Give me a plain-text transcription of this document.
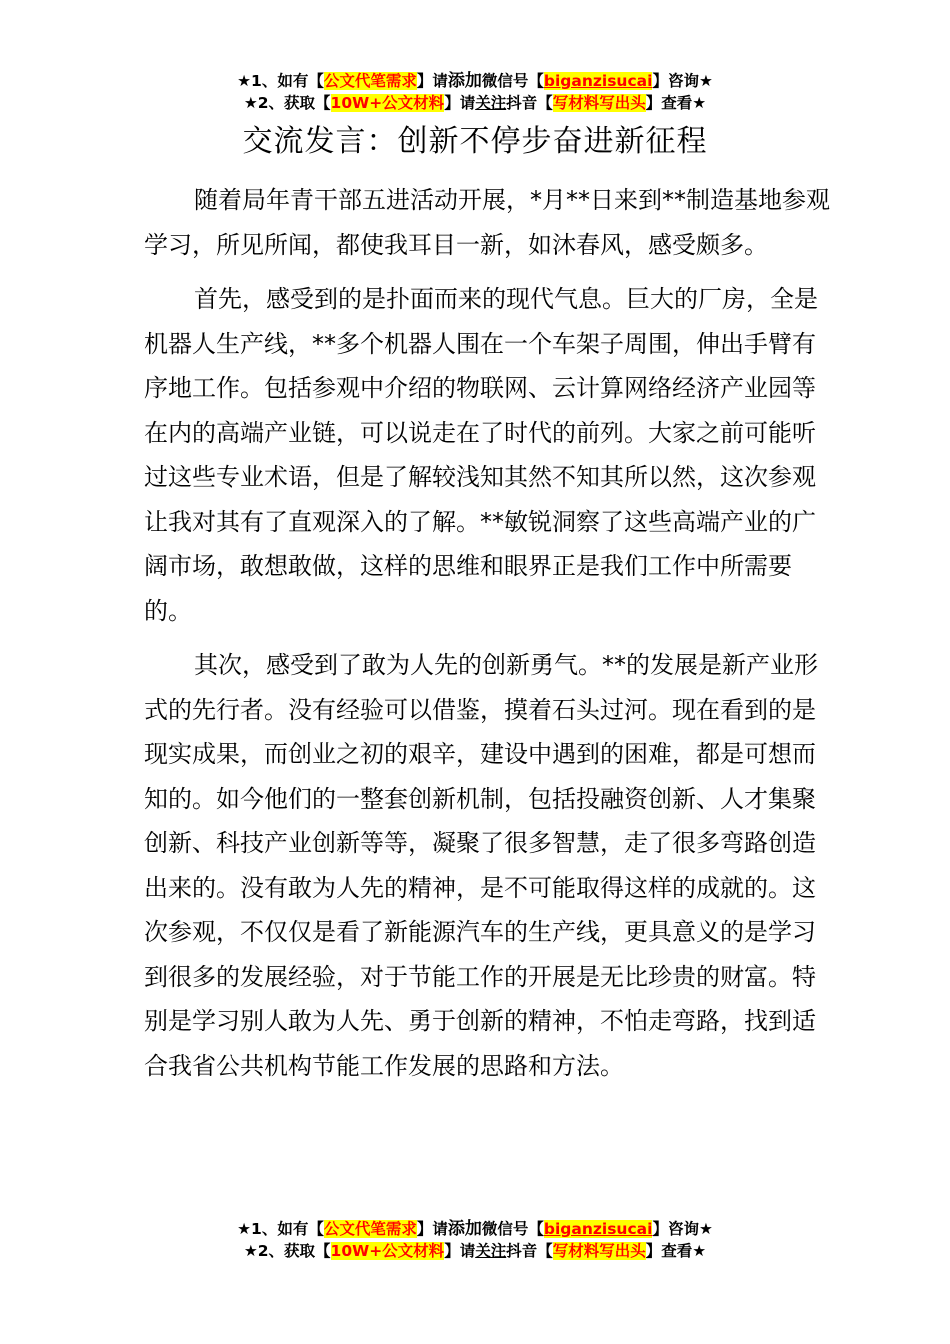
★1、如有【公文代笔需求】请添加微信号【biganzisucai】咨询★
★2、获取【10W+公文材料】请关注抖音【写材料写出头】查看★
交流发言：创新不停步奋进新征程

随着局年青干部五进活动开展，*月**日来到**制造基地参观学习，所见所闻，都使我耳目一新，如沐春风，感受颇多。

首先，感受到的是扑面而来的现代气息。巨大的厂房，全是机器人生产线，**多个机器人围在一个车架子周围，伸出手臂有序地工作。包括参观中介绍的物联网、云计算网络经济产业园等在内的高端产业链，可以说走在了时代的前列。大家之前可能听过这些专业术语，但是了解较浅知其然不知其所以然，这次参观让我对其有了直观深入的了解。**敏锐洞察了这些高端产业的广阔市场，敢想敢做，这样的思维和眼界正是我们工作中所需要的。

其次，感受到了敢为人先的创新勇气。**的发展是新产业形式的先行者。没有经验可以借鉴，摸着石头过河。现在看到的是现实成果，而创业之初的艰辛，建设中遇到的困难，都是可想而知的。如今他们的一整套创新机制，包括投融资创新、人才集聚创新、科技产业创新等等，凝聚了很多智慧，走了很多弯路创造出来的。没有敢为人先的精神，是不可能取得这样的成就的。这次参观，不仅仅是看了新能源汽车的生产线，更具意义的是学习到很多的发展经验，对于节能工作的开展是无比珍贵的财富。特别是学习别人敢为人先、勇于创新的精神，不怕走弯路，找到适合我省公共机构节能工作发展的思路和方法。

★1、如有【公文代笔需求】请添加微信号【biganzisucai】咨询★
★2、获取【10W+公文材料】请关注抖音【写材料写出头】查看★
